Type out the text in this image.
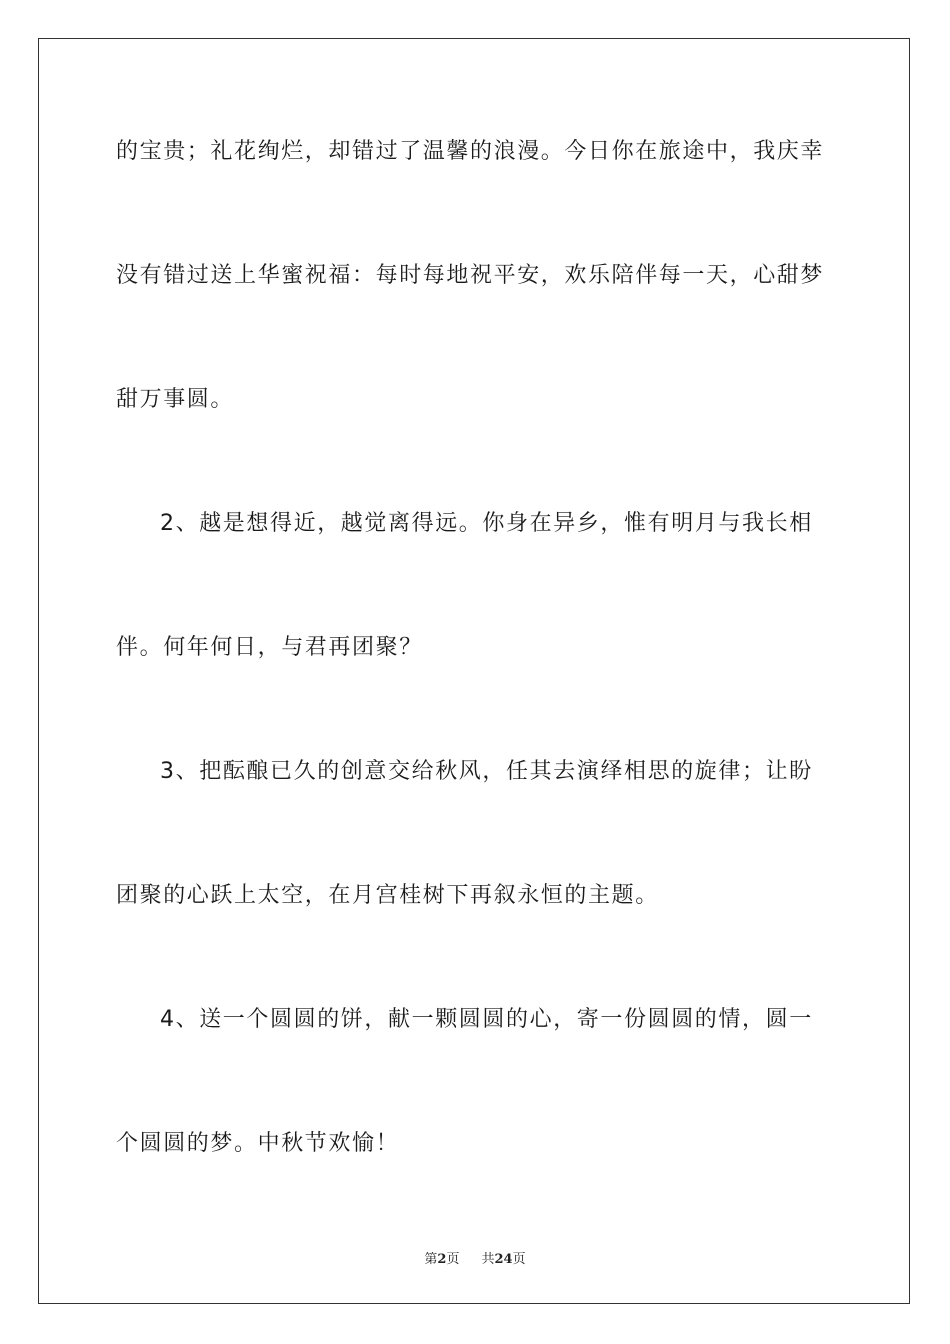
的宝贵；礼花绚烂，却错过了温馨的浪漫。今日你在旅途中，我庆幸
没有错过送上华蜜祝福：每时每地祝平安，欢乐陪伴每一天，心甜梦
甜万事圆。
2、越是想得近，越觉离得远。你身在异乡，惟有明月与我长相
伴。何年何日，与君再团聚？
3、把酝酿已久的创意交给秋风，任其去演绎相思的旋律；让盼
团聚的心跃上太空，在月宫桂树下再叙永恒的主题。
4、送一个圆圆的饼，献一颗圆圆的心，寄一份圆圆的情，圆一
个圆圆的梦。中秋节欢愉！
第2页 共24页
